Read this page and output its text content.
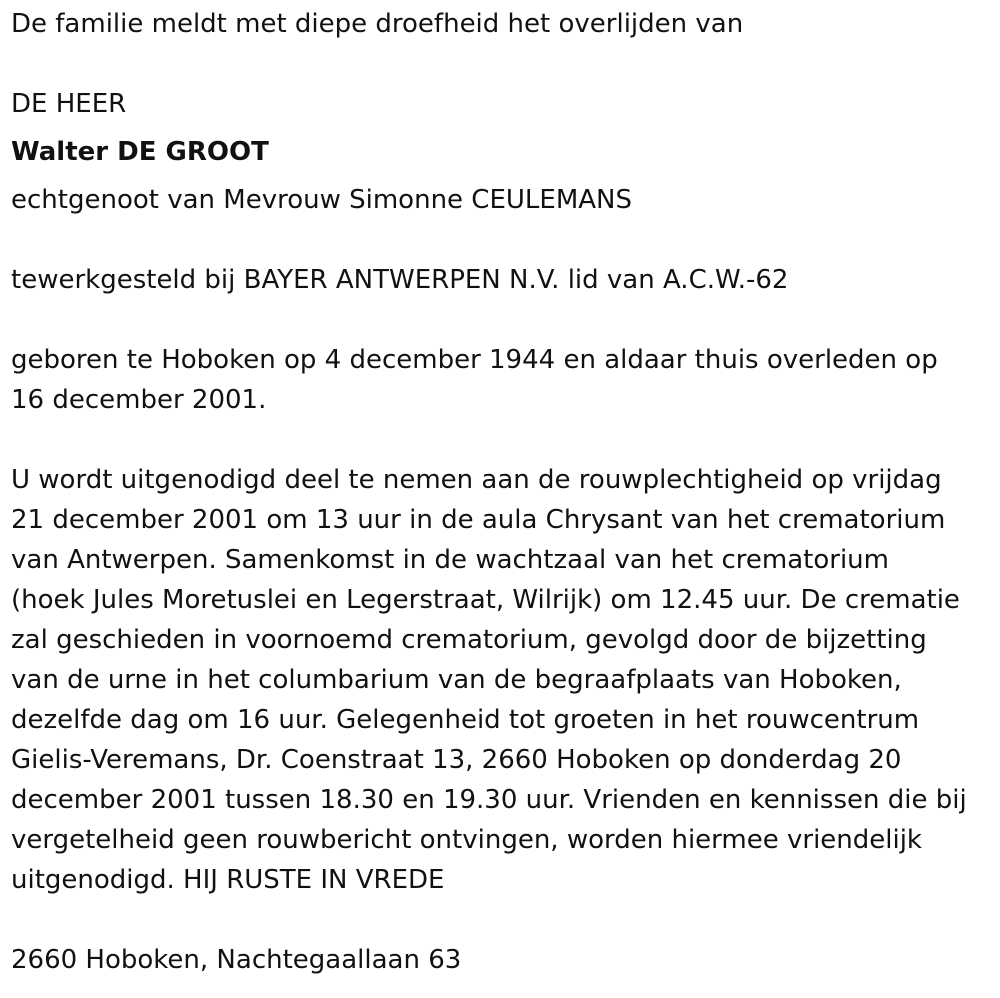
De familie meldt met diepe droefheid het overlijden van
DE HEER
Walter DE GROOT
echtgenoot van Mevrouw Simonne CEULEMANS
tewerkgesteld bij BAYER ANTWERPEN N.V. lid van A.C.W.-62
geboren te Hoboken op 4 december 1944 en aldaar thuis overleden op
16 december 2001.
U wordt uitgenodigd deel te nemen aan de rouwplechtigheid op vrijdag
21 december 2001 om 13 uur in de aula Chrysant van het crematorium
van Antwerpen. Samenkomst in de wachtzaal van het crematorium
(hoek Jules Moretuslei en Legerstraat, Wilrijk) om 12.45 uur. De crematie
zal geschieden in voornoemd crematorium, gevolgd door de bijzetting
van de urne in het columbarium van de begraafplaats van Hoboken,
dezelfde dag om 16 uur. Gelegenheid tot groeten in het rouwcentrum
Gielis-Veremans, Dr. Coenstraat 13, 2660 Hoboken op donderdag 20
december 2001 tussen 18.30 en 19.30 uur. Vrienden en kennissen die bij
vergetelheid geen rouwbericht ontvingen, worden hiermee vriendelijk
uitgenodigd. HIJ RUSTE IN VREDE
2660 Hoboken, Nachtegaallaan 63
